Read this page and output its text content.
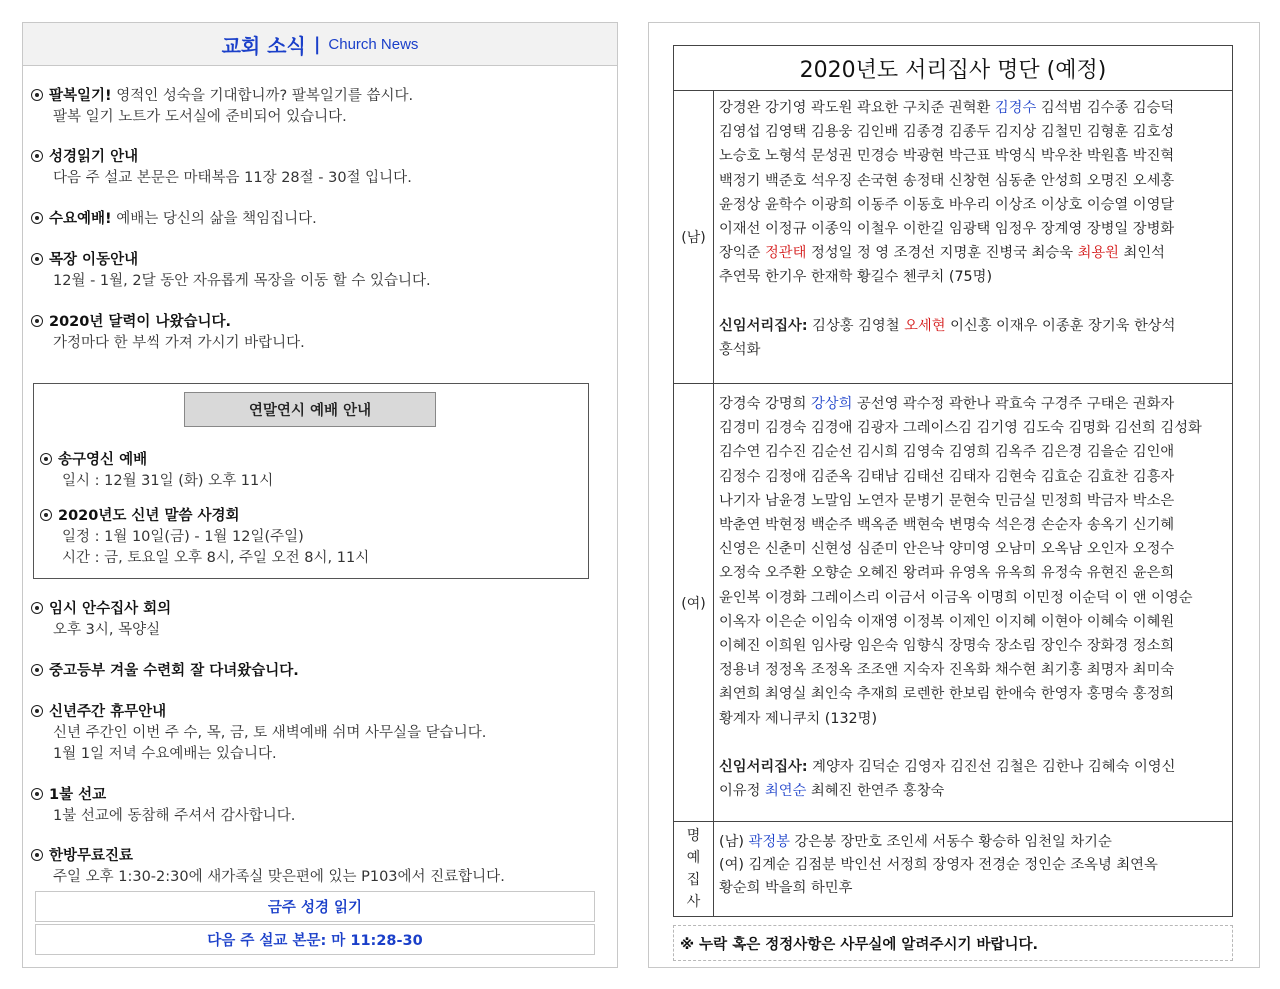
교회 소식 | Church News
팔복일기! 영적인 성숙을 기대합니까? 팔복일기를 씁시다.
팔복 일기 노트가 도서실에 준비되어 있습니다.
성경읽기 안내
다음 주 설교 본문은 마태복음 11장 28절 - 30절 입니다.
수요예배! 예배는 당신의 삶을 책임집니다.
목장 이동안내
12월 - 1월, 2달 동안 자유롭게 목장을 이동 할 수 있습니다.
2020년 달력이 나왔습니다.
가정마다 한 부씩 가져 가시기 바랍니다.
연말연시 예배 안내
송구영신 예배
일시 : 12월 31일 (화) 오후 11시
2020년도 신년 말씀 사경회
일정 : 1월 10일(금) - 1월 12일(주일)
시간 : 금, 토요일 오후 8시, 주일 오전 8시, 11시
임시 안수집사 회의
오후 3시, 목양실
중고등부 겨울 수련회 잘 다녀왔습니다.
신년주간 휴무안내
신년 주간인 이번 주 수, 목, 금, 토 새벽예배 쉬며 사무실을 닫습니다.
1월 1일 저녁 수요예배는 있습니다.
1불 선교
1불 선교에 동참해 주셔서 감사합니다.
한방무료진료
주일 오후 1:30-2:30에 새가족실 맞은편에 있는 P103에서 진료합니다.
금주 성경 읽기
다음 주 설교 본문: 마 11:28-30
2020년도 서리집사 명단 (예정)
(남)
강경완 강기영 곽도원 곽요한 구치준 권혁환 김경수 김석범 김수종 김승덕
김영섭 김영택 김용웅 김인배 김종경 김종두 김지상 김철민 김형훈 김호성
노승호 노형석 문성권 민경승 박광현 박근표 박영식 박우찬 박원흠 박진혁
백정기 백준호 석우징 손국현 송정태 신창현 심동춘 안성희 오명진 오세홍
윤정상 윤학수 이광희 이동주 이동호 바우리 이상조 이상호 이승열 이영달
이재선 이정규 이종익 이철우 이한길 임광택 임정우 장계영 장병일 장병화
장익준 정관태 정성일 정 영 조경선 지명훈 진병국 최승욱 최용원 최인석
추연묵 한기우 한재학 황길수 첸쿠치 (75명)

신임서리집사: 김상홍 김영철 오세현 이신홍 이재우 이종훈 장기욱 한상석
홍석화
(여)
강경숙 강명희 강상희 공선영 곽수정 곽한나 곽효숙 구경주 구태은 권화자
김경미 김경숙 김경애 김광자 그레이스김 김기영 김도숙 김명화 김선희 김성화
김수연 김수진 김순선 김시희 김영숙 김영희 김옥주 김은경 김을순 김인애
김정수 김정애 김준옥 김태남 김태선 김태자 김현숙 김효순 김효찬 김흥자
나기자 남윤경 노말임 노연자 문병기 문현숙 민금실 민정희 박금자 박소은
박춘연 박현정 백순주 백옥준 백현숙 변명숙 석은경 손순자 송옥기 신기혜
신영은 신춘미 신현성 심준미 안은낙 양미영 오남미 오옥남 오인자 오정수
오정숙 오주환 오향순 오혜진 왕려파 유영옥 유옥희 유정숙 유현진 윤은희
윤인복 이경화 그레이스리 이금서 이금옥 이명희 이민정 이순덕 이 앤 이영순
이옥자 이은순 이임숙 이재영 이정복 이제인 이지혜 이현아 이혜숙 이혜원
이혜진 이희원 임사랑 임은숙 임향식 장명숙 장소림 장인수 장화경 정소희
정용녀 정정옥 조정옥 조조앤 지숙자 진옥화 채수현 최기홍 최명자 최미숙
최연희 최영실 최인숙 추재희 로렌한 한보림 한애숙 한영자 홍명숙 홍정희
황계자 제니쿠치 (132명)

신임서리집사: 계양자 김덕순 김영자 김진선 김철은 김한나 김혜숙 이영신
이유정 최연순 최혜진 한연주 홍창숙
명
예
집
사
(남) 곽정봉 강은봉 장만호 조인세 서동수 황승하 임천일 차기순
(여) 김계순 김점분 박인선 서정희 장영자 전경순 정인순 조옥녕 최연옥
황순희 박을희 하민후
※ 누락 혹은 정정사항은 사무실에 알려주시기 바랍니다.
